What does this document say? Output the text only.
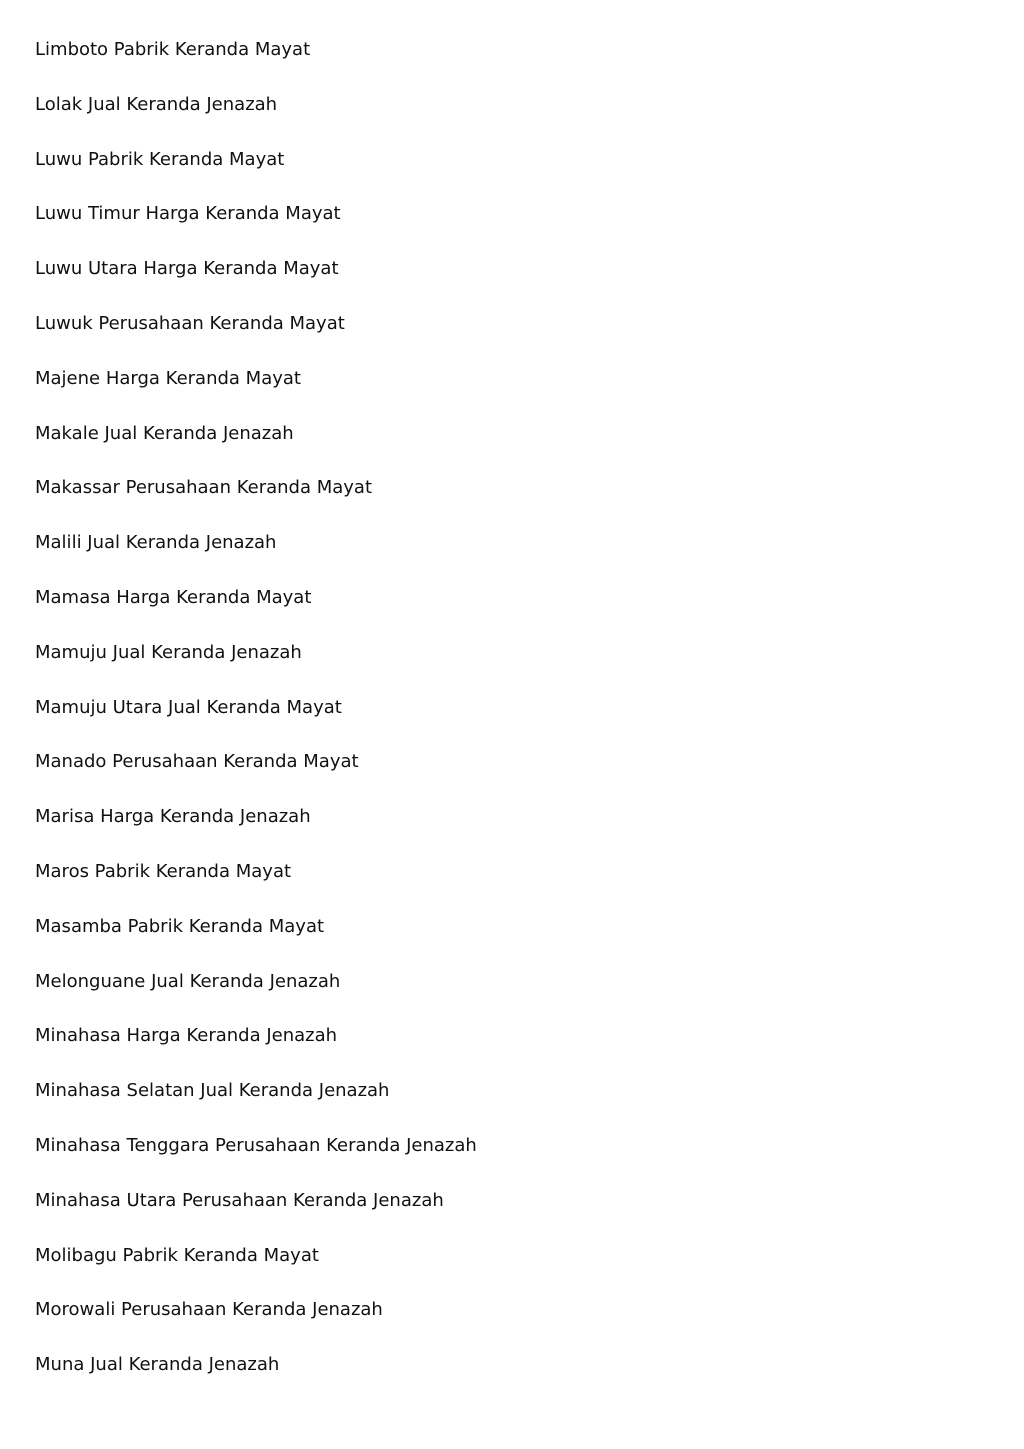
Limboto Pabrik Keranda Mayat
Lolak Jual Keranda Jenazah
Luwu Pabrik Keranda Mayat
Luwu Timur Harga Keranda Mayat
Luwu Utara Harga Keranda Mayat
Luwuk Perusahaan Keranda Mayat
Majene Harga Keranda Mayat
Makale Jual Keranda Jenazah
Makassar Perusahaan Keranda Mayat
Malili Jual Keranda Jenazah
Mamasa Harga Keranda Mayat
Mamuju Jual Keranda Jenazah
Mamuju Utara Jual Keranda Mayat
Manado Perusahaan Keranda Mayat
Marisa Harga Keranda Jenazah
Maros Pabrik Keranda Mayat
Masamba Pabrik Keranda Mayat
Melonguane Jual Keranda Jenazah
Minahasa Harga Keranda Jenazah
Minahasa Selatan Jual Keranda Jenazah
Minahasa Tenggara Perusahaan Keranda Jenazah
Minahasa Utara Perusahaan Keranda Jenazah
Molibagu Pabrik Keranda Mayat
Morowali Perusahaan Keranda Jenazah
Muna Jual Keranda Jenazah
